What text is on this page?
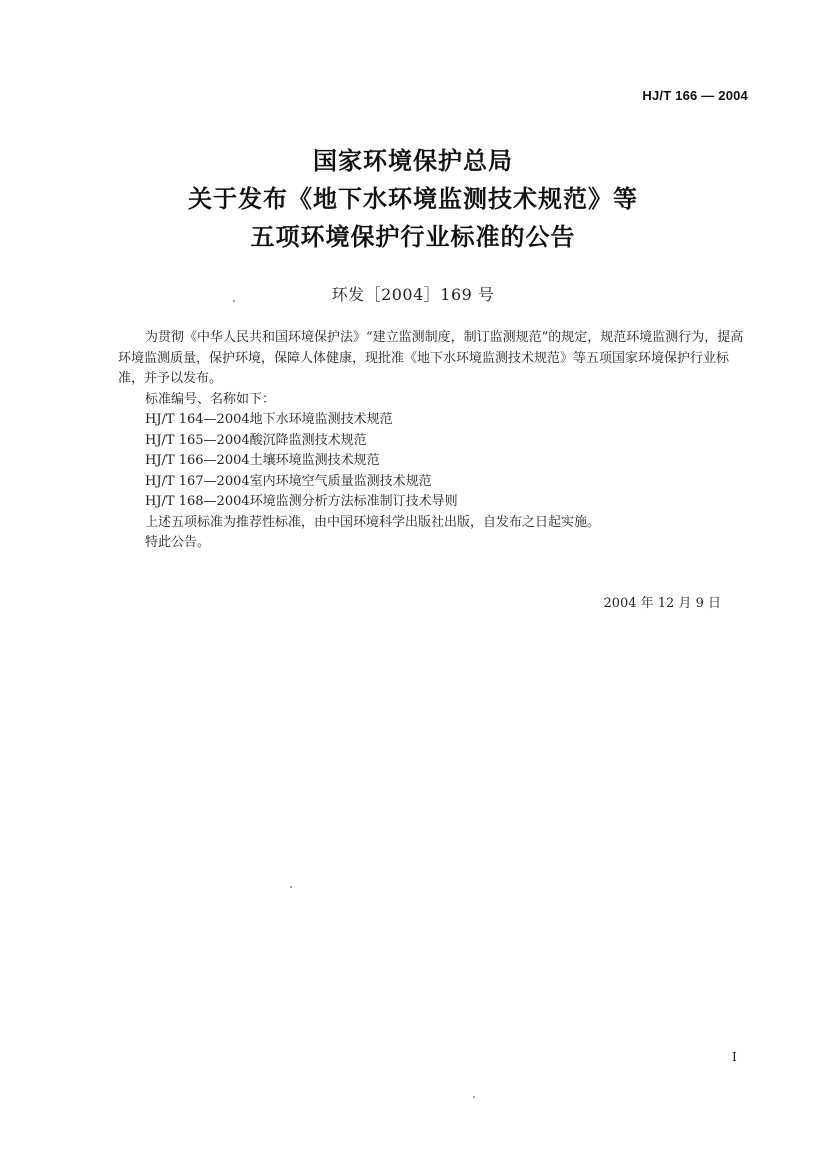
HJ/T 166 — 2004
国家环境保护总局
关于发布《地下水环境监测技术规范》等
五项环境保护行业标准的公告
环发［2004］169 号

为贯彻《中华人民共和国环境保护法》“建立监测制度，制订监测规范”的规定，规范环境监测行为，提高环境监测质量，保护环境，保障人体健康，现批准《地下水环境监测技术规范》等五项国家环境保护行业标准，并予以发布。

标准编号、名称如下：
HJ/T 164—2004地下水环境监测技术规范
HJ/T 165—2004酸沉降监测技术规范
HJ/T 166—2004土壤环境监测技术规范
HJ/T 167—2004室内环境空气质量监测技术规范
HJ/T 168—2004环境监测分析方法标准制订技术导则
上述五项标准为推荐性标准，由中国环境科学出版社出版，自发布之日起实施。
特此公告。
2004 年 12 月 9 日
I
